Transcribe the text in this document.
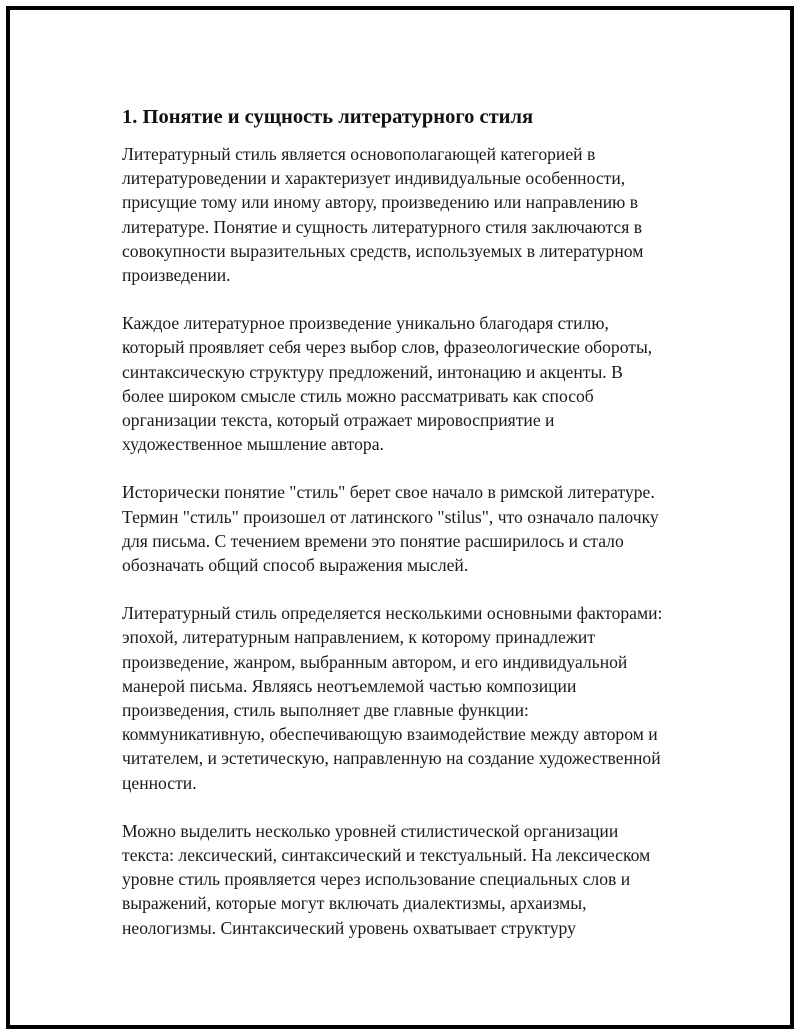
1. Понятие и сущность литературного стиля
Литературный стиль является основополагающей категорией в
литературоведении и характеризует индивидуальные особенности,
присущие тому или иному автору, произведению или направлению в
литературе. Понятие и сущность литературного стиля заключаются в
совокупности выразительных средств, используемых в литературном
произведении.
Каждое литературное произведение уникально благодаря стилю,
который проявляет себя через выбор слов, фразеологические обороты,
синтаксическую структуру предложений, интонацию и акценты. В
более широком смысле стиль можно рассматривать как способ
организации текста, который отражает мировосприятие и
художественное мышление автора.
Исторически понятие "стиль" берет свое начало в римской литературе.
Термин "стиль" произошел от латинского "stilus", что означало палочку
для письма. С течением времени это понятие расширилось и стало
обозначать общий способ выражения мыслей.
Литературный стиль определяется несколькими основными факторами:
эпохой, литературным направлением, к которому принадлежит
произведение, жанром, выбранным автором, и его индивидуальной
манерой письма. Являясь неотъемлемой частью композиции
произведения, стиль выполняет две главные функции:
коммуникативную, обеспечивающую взаимодействие между автором и
читателем, и эстетическую, направленную на создание художественной
ценности.
Можно выделить несколько уровней стилистической организации
текста: лексический, синтаксический и текстуальный. На лексическом
уровне стиль проявляется через использование специальных слов и
выражений, которые могут включать диалектизмы, архаизмы,
неологизмы. Синтаксический уровень охватывает структуру
